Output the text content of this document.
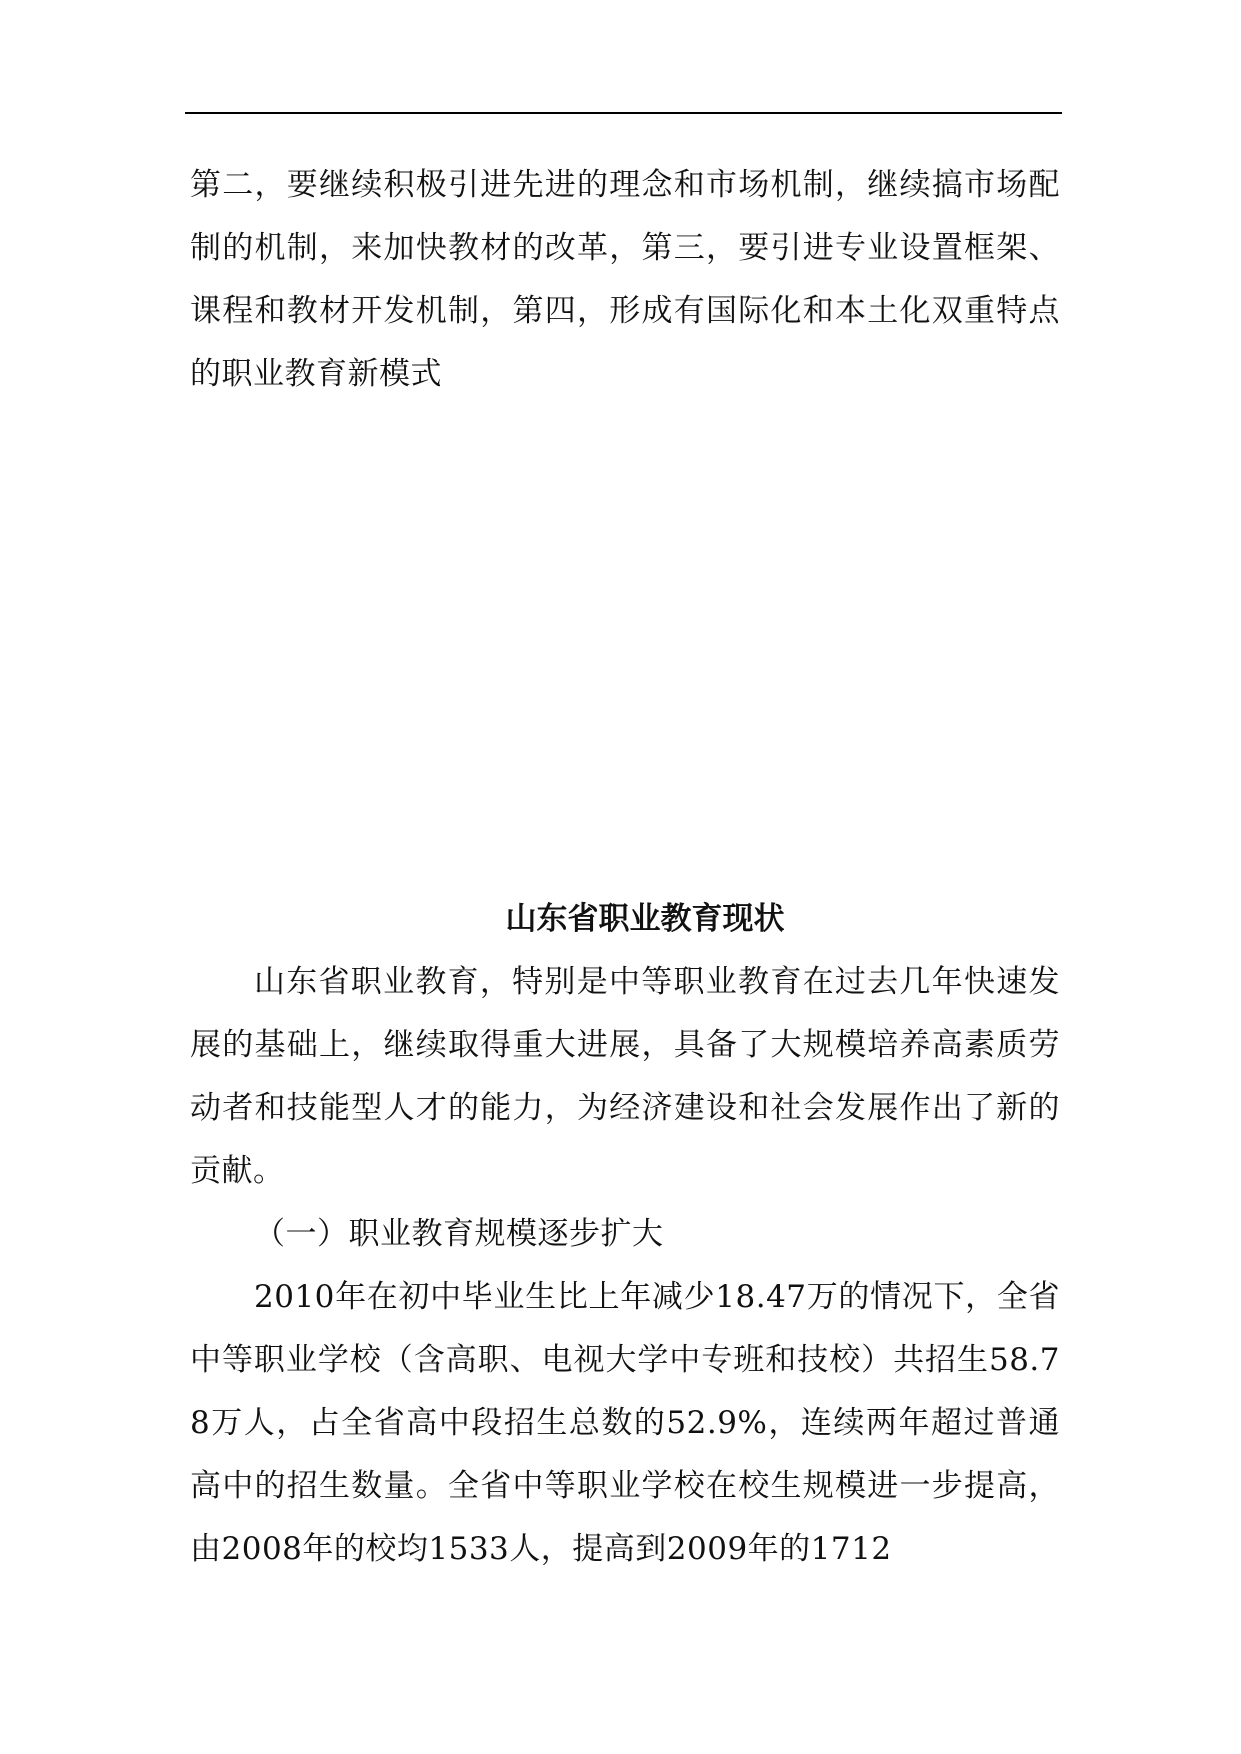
第二，要继续积极引进先进的理念和市场机制，继续搞市场配制的机制，来加快教材的改革，第三，要引进专业设置框架、课程和教材开发机制，第四，形成有国际化和本土化双重特点的职业教育新模式

山东省职业教育现状

山东省职业教育，特别是中等职业教育在过去几年快速发展的基础上，继续取得重大进展，具备了大规模培养高素质劳动者和技能型人才的能力，为经济建设和社会发展作出了新的贡献。

（一）职业教育规模逐步扩大

2010年在初中毕业生比上年减少18.47万的情况下，全省中等职业学校（含高职、电视大学中专班和技校）共招生58.78万人，占全省高中段招生总数的52.9%，连续两年超过普通高中的招生数量。全省中等职业学校在校生规模进一步提高，由2008年的校均1533人，提高到2009年的1712
